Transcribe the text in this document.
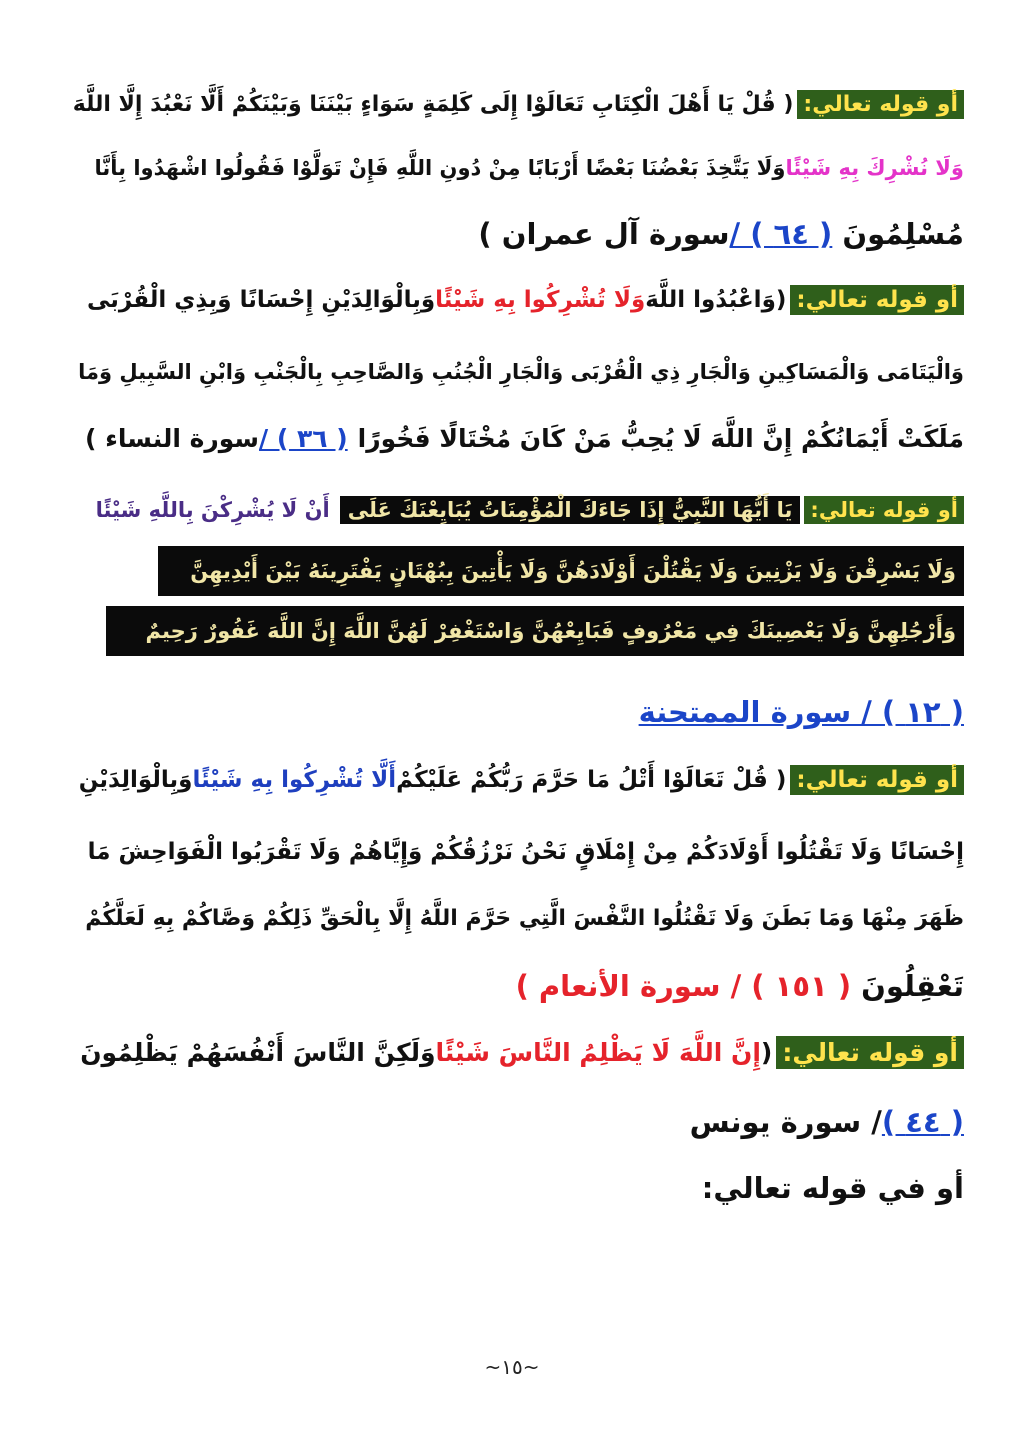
أو قوله تعالي:
( قُلْ يَا أَهْلَ الْكِتَابِ تَعَالَوْا إِلَى كَلِمَةٍ سَوَاءٍ بَيْنَنَا وَبَيْنَكُمْ أَلَّا نَعْبُدَ إِلَّا اللَّهَ
وَلَا نُشْرِكَ بِهِ شَيْئًا
وَلَا يَتَّخِذَ بَعْضُنَا بَعْضًا أَرْبَابًا مِنْ دُونِ اللَّهِ فَإِنْ تَوَلَّوْا فَقُولُوا اشْهَدُوا بِأَنَّا
مُسْلِمُونَ
( ٦٤ ) /
سورة آل عمران )
أو قوله تعالي:
(وَاعْبُدُوا اللَّهَ
وَلَا تُشْرِكُوا بِهِ شَيْئًا
وَبِالْوَالِدَيْنِ إِحْسَانًا وَبِذِي الْقُرْبَى
وَالْيَتَامَى وَالْمَسَاكِينِ وَالْجَارِ ذِي الْقُرْبَى وَالْجَارِ الْجُنُبِ وَالصَّاحِبِ بِالْجَنْبِ وَابْنِ السَّبِيلِ وَمَا
مَلَكَتْ أَيْمَانُكُمْ إِنَّ اللَّهَ لَا يُحِبُّ مَنْ كَانَ مُخْتَالًا فَخُورًا
( ٣٦ ) /
سورة النساء )
أو قوله تعالي:
يَا أَيُّهَا النَّبِيُّ إِذَا جَاءَكَ الْمُؤْمِنَاتُ يُبَايِعْنَكَ عَلَى
أَنْ لَا يُشْرِكْنَ بِاللَّهِ شَيْئًا
وَلَا يَسْرِقْنَ وَلَا يَزْنِينَ وَلَا يَقْتُلْنَ أَوْلَادَهُنَّ وَلَا يَأْتِينَ بِبُهْتَانٍ يَفْتَرِينَهُ بَيْنَ أَيْدِيهِنَّ
وَأَرْجُلِهِنَّ وَلَا يَعْصِينَكَ فِي مَعْرُوفٍ فَبَايِعْهُنَّ وَاسْتَغْفِرْ لَهُنَّ اللَّهَ إِنَّ اللَّهَ غَفُورٌ رَحِيمٌ
( ١٢ ) / سورة الممتحنة
أو قوله تعالي:
( قُلْ تَعَالَوْا أَتْلُ مَا حَرَّمَ رَبُّكُمْ عَلَيْكُمْ
أَلَّا تُشْرِكُوا بِهِ شَيْئًا
وَبِالْوَالِدَيْنِ
إِحْسَانًا وَلَا تَقْتُلُوا أَوْلَادَكُمْ مِنْ إِمْلَاقٍ نَحْنُ نَرْزُقُكُمْ وَإِيَّاهُمْ وَلَا تَقْرَبُوا الْفَوَاحِشَ مَا
ظَهَرَ مِنْهَا وَمَا بَطَنَ وَلَا تَقْتُلُوا النَّفْسَ الَّتِي حَرَّمَ اللَّهُ إِلَّا بِالْحَقِّ ذَلِكُمْ وَصَّاكُمْ بِهِ لَعَلَّكُمْ
تَعْقِلُونَ
( ١٥١ ) / سورة الأنعام )
أو قوله تعالي:
(
إِنَّ اللَّهَ لَا يَظْلِمُ النَّاسَ شَيْئًا
وَلَكِنَّ النَّاسَ أَنْفُسَهُمْ يَظْلِمُونَ
( ٤٤ )
/ سورة يونس
أو في قوله تعالي:
~١٥~
